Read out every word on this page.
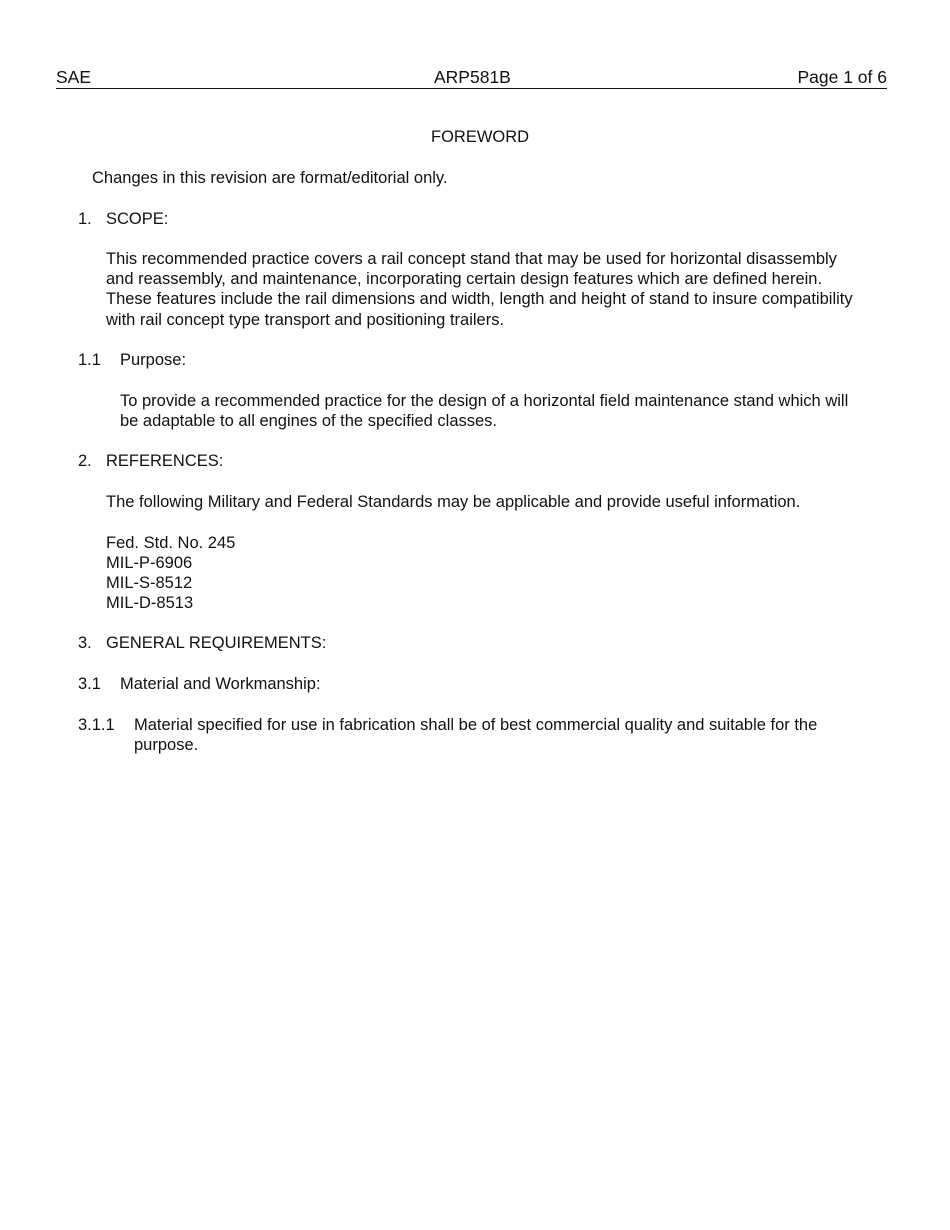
SAE	ARP581B	Page 1 of 6
FOREWORD
Changes in this revision are format/editorial only.
1. SCOPE:
This recommended practice covers a rail concept stand that may be used for horizontal disassembly
and reassembly, and maintenance, incorporating certain design features which are defined herein.
These features include the rail dimensions and width, length and height of stand to insure compatibility
with rail concept type transport and positioning trailers.
1.1 Purpose:
To provide a recommended practice for the design of a horizontal field maintenance stand which will
be adaptable to all engines of the specified classes.
2. REFERENCES:
The following Military and Federal Standards may be applicable and provide useful information.
Fed. Std. No. 245
MIL-P-6906
MIL-S-8512
MIL-D-8513
3. GENERAL REQUIREMENTS:
3.1 Material and Workmanship:
3.1.1 Material specified for use in fabrication shall be of best commercial quality and suitable for the
purpose.
